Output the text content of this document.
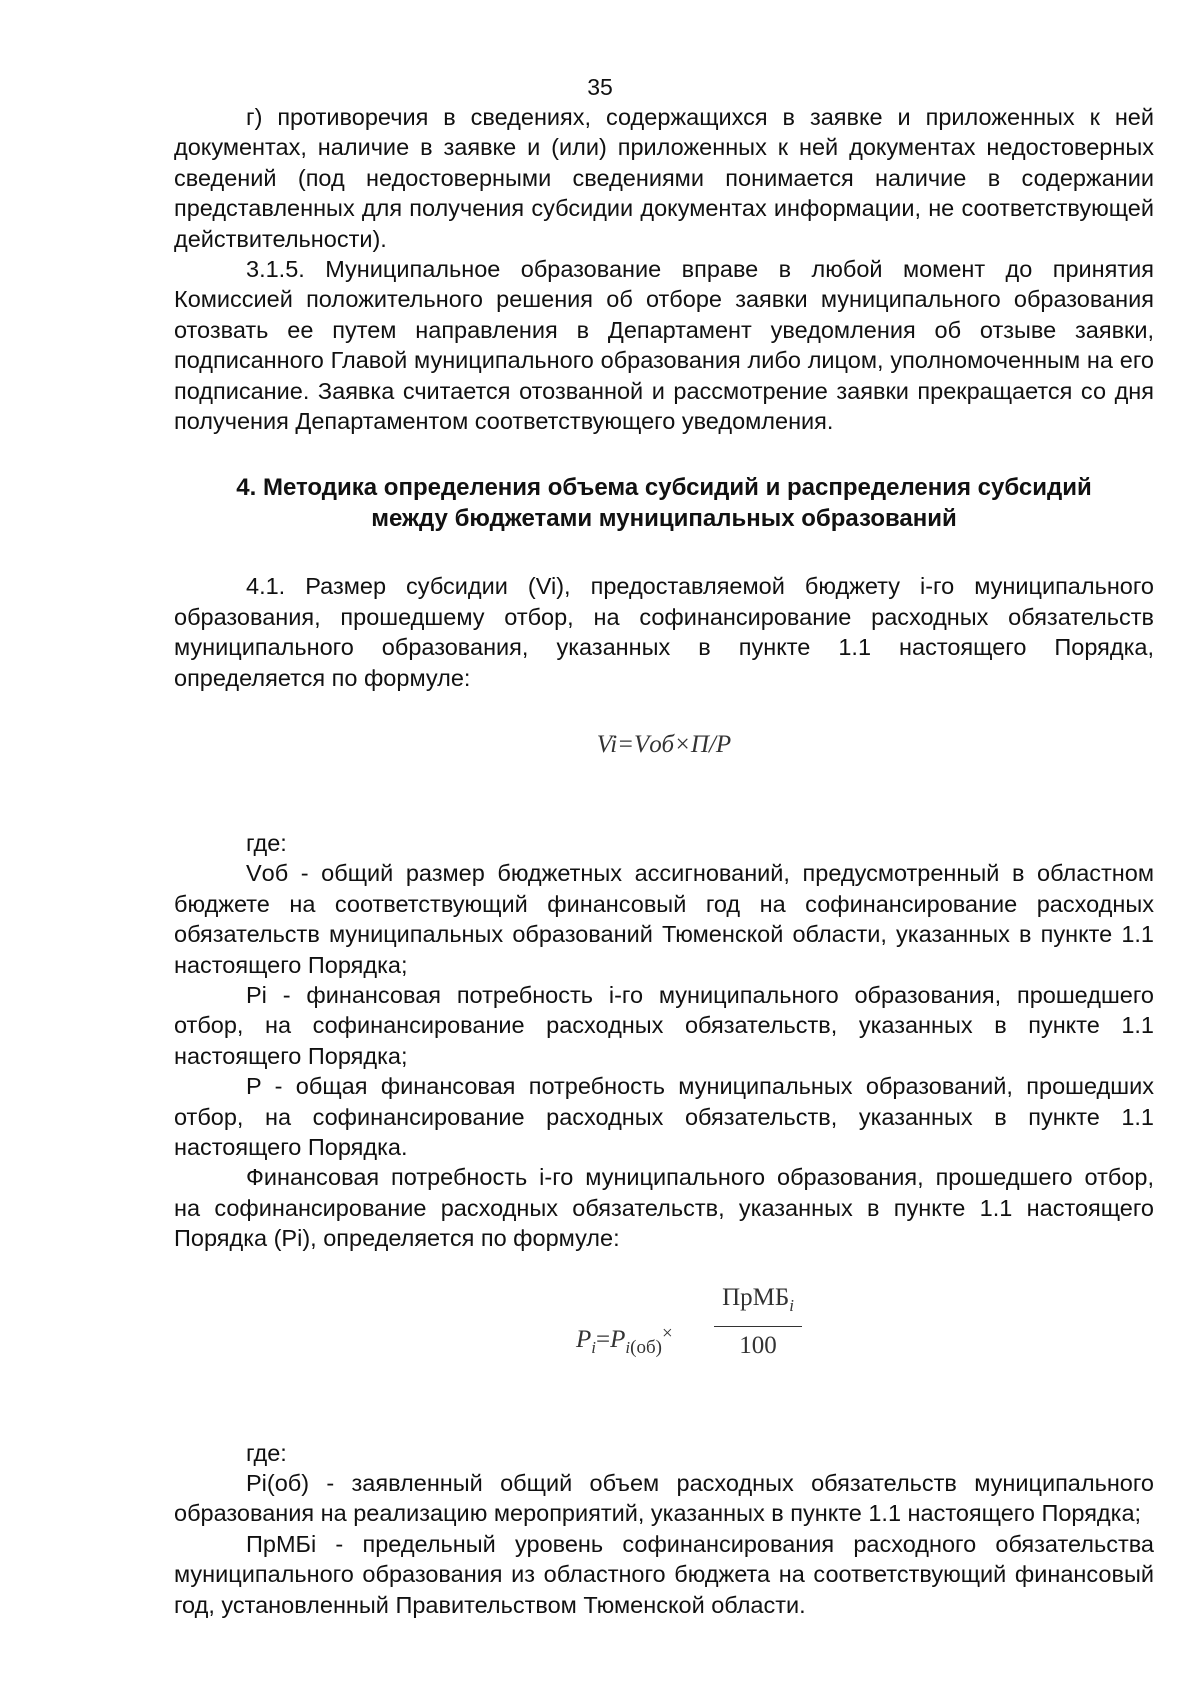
35

г) противоречия в сведениях, содержащихся в заявке и приложенных к ней документах, наличие в заявке и (или) приложенных к ней документах недостоверных сведений (под недостоверными сведениями понимается наличие в содержании представленных для получения субсидии документах информации, не соответствующей действительности).

3.1.5. Муниципальное образование вправе в любой момент до принятия Комиссией положительного решения об отборе заявки муниципального образования отозвать ее путем направления в Департамент уведомления об отзыве заявки, подписанного Главой муниципального образования либо лицом, уполномоченным на его подписание. Заявка считается отозванной и рассмотрение заявки прекращается со дня получения Департаментом соответствующего уведомления.

4. Методика определения объема субсидий и распределения субсидий между бюджетами муниципальных образований

4.1. Размер субсидии (Vi), предоставляемой бюджету i-го муниципального образования, прошедшему отбор, на софинансирование расходных обязательств муниципального образования, указанных в пункте 1.1 настоящего Порядка, определяется по формуле:

Vi=Vоб×П/P

где:

Vоб - общий размер бюджетных ассигнований, предусмотренный в областном бюджете на соответствующий финансовый год на софинансирование расходных обязательств муниципальных образований Тюменской области, указанных в пункте 1.1 настоящего Порядка;

Pi - финансовая потребность i-го муниципального образования, прошедшего отбор, на софинансирование расходных обязательств, указанных в пункте 1.1 настоящего Порядка;

P - общая финансовая потребность муниципальных образований, прошедших отбор, на софинансирование расходных обязательств, указанных в пункте 1.1 настоящего Порядка.

Финансовая потребность i-го муниципального образования, прошедшего отбор, на софинансирование расходных обязательств, указанных в пункте 1.1 настоящего Порядка (Pi), определяется по формуле:

$P_i=P_{i(об)}^\times$
ПрМБ$_i$
100

где:

Pi(об) - заявленный общий объем расходных обязательств муниципального образования на реализацию мероприятий, указанных в пункте 1.1 настоящего Порядка;

ПрМБi - предельный уровень софинансирования расходного обязательства муниципального образования из областного бюджета на соответствующий финансовый год, установленный Правительством Тюменской области.
